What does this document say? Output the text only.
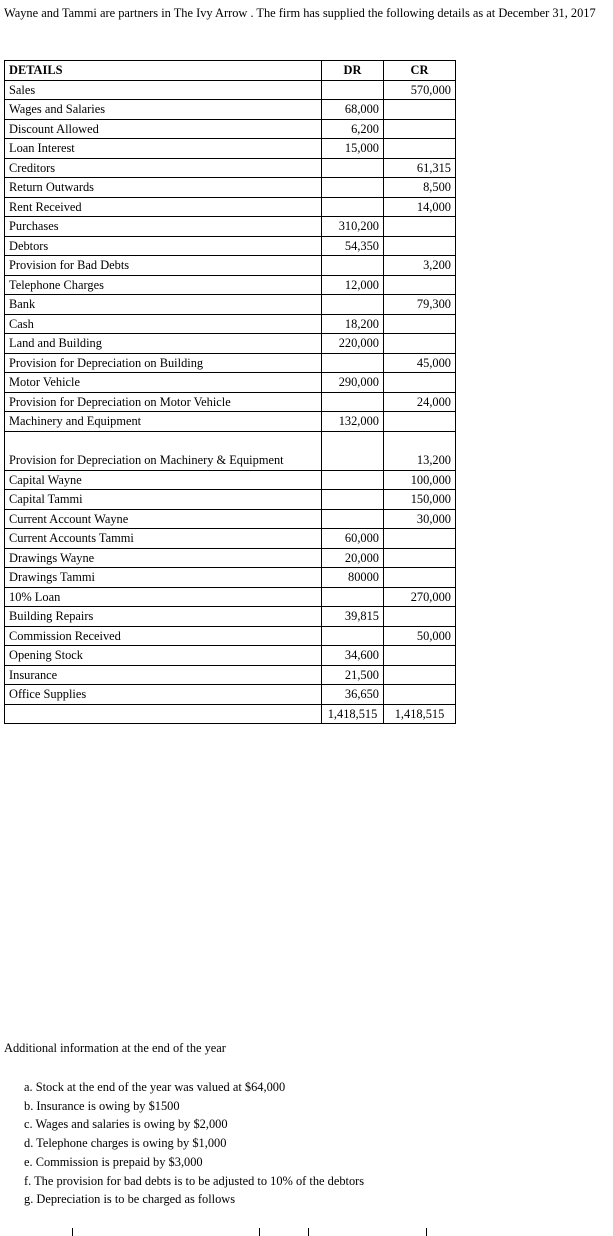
Wayne and Tammi are partners in The Ivy Arrow . The firm has supplied the following details as at December 31, 2017
DETAILS	DR	CR
Sales		570,000
Wages and Salaries	68,000	
Discount Allowed	6,200	
Loan Interest	15,000	
Creditors		61,315
Return Outwards		8,500
Rent Received		14,000
Purchases	310,200	
Debtors	54,350	
Provision for Bad Debts		3,200
Telephone Charges	12,000	
Bank		79,300
Cash	18,200	
Land and Building	220,000	
Provision for Depreciation on Building		45,000
Motor Vehicle	290,000	
Provision for Depreciation on Motor Vehicle		24,000
Machinery and Equipment	132,000	
Provision for Depreciation on Machinery & Equipment		13,200
Capital Wayne		100,000
Capital Tammi		150,000
Current Account Wayne		30,000
Current Accounts Tammi	60,000	
Drawings Wayne	20,000	
Drawings Tammi	80000	
10% Loan		270,000
Building Repairs	39,815	
Commission Received		50,000
Opening Stock	34,600	
Insurance	21,500	
Office Supplies	36,650	
	1,418,515	1,418,515
Additional information at the end of the year
a. Stock at the end of the year was valued at $64,000
b. Insurance is owing by $1500
c. Wages and salaries is owing by $2,000
d. Telephone charges is owing by $1,000
e. Commission is prepaid by $3,000
f. The provision for bad debts is to be adjusted to 10% of the debtors
g. Depreciation is to be charged as follows
